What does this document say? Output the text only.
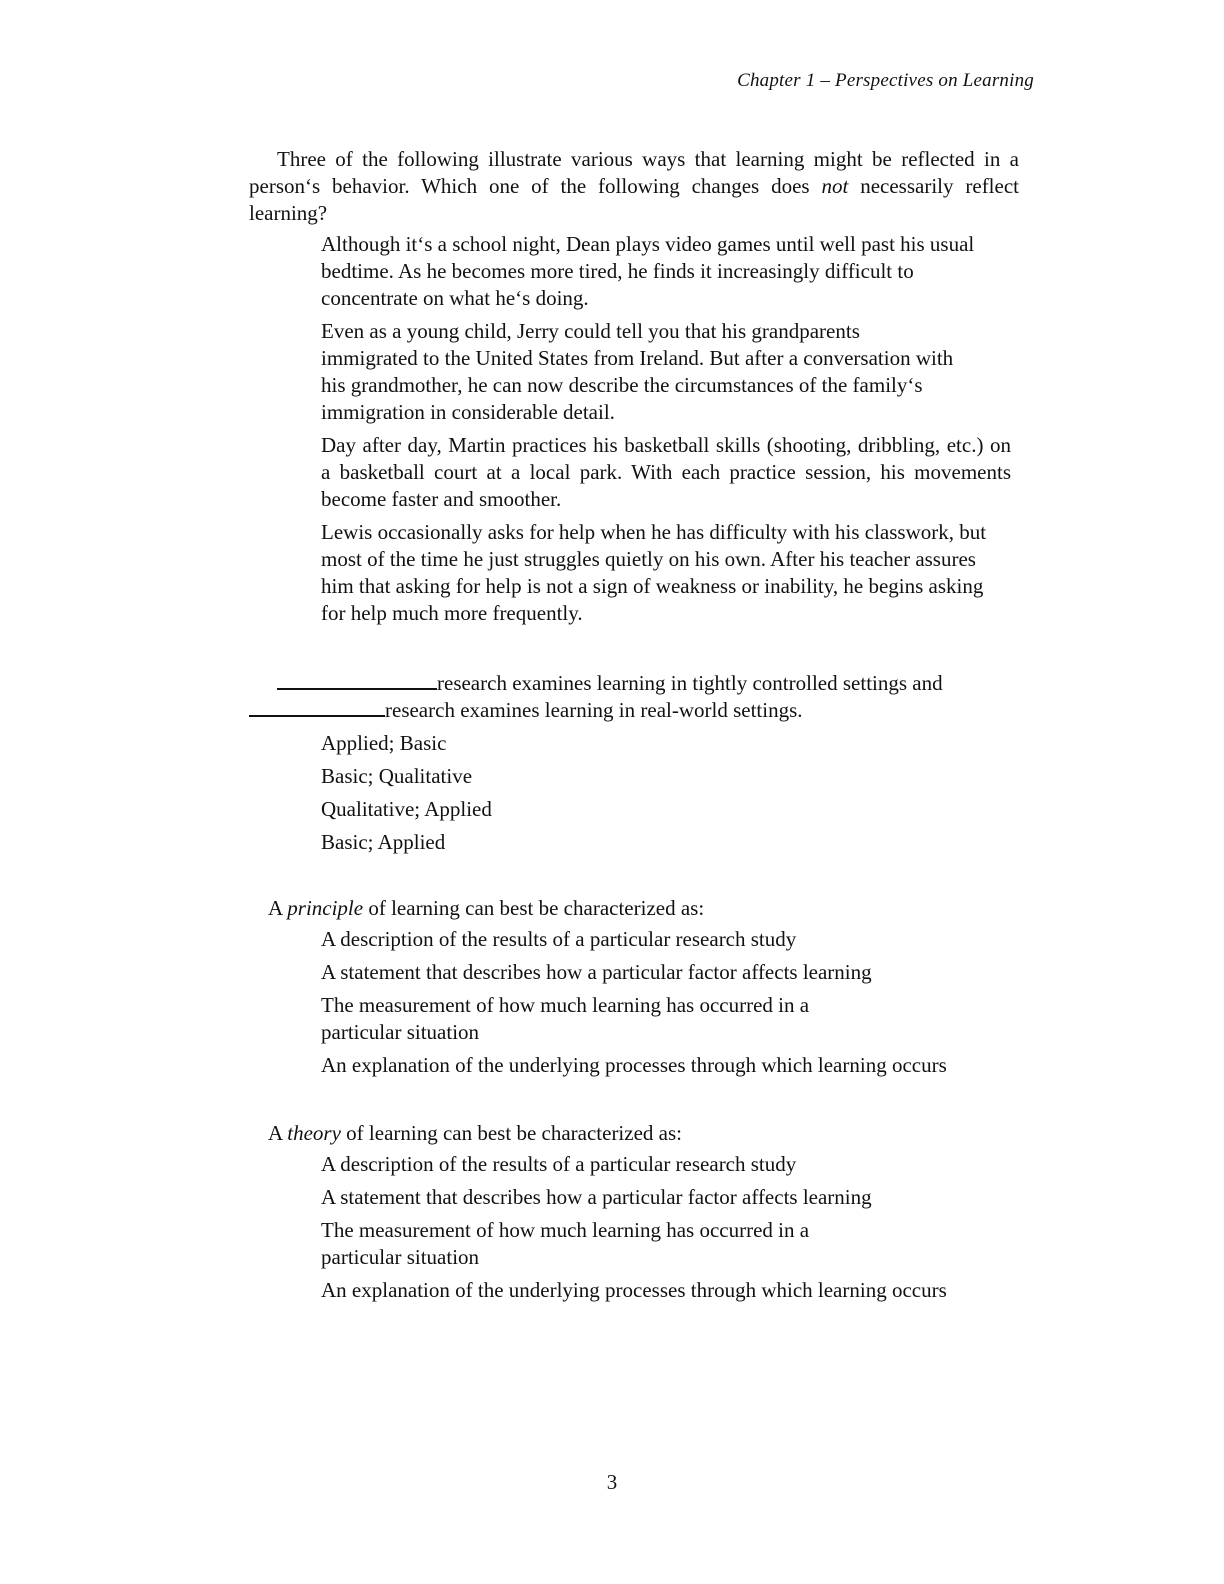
Chapter 1 – Perspectives on Learning

Three of the following illustrate various ways that learning might be reflected in a person‘s behavior. Which one of the following changes does not necessarily reflect learning?

Although it‘s a school night, Dean plays video games until well past his usual bedtime. As he becomes more tired, he finds it increasingly difficult to concentrate on what he‘s doing.
Even as a young child, Jerry could tell you that his grandparents immigrated to the United States from Ireland. But after a conversation with his grandmother, he can now describe the circumstances of the family‘s immigration in considerable detail.
Day after day, Martin practices his basketball skills (shooting, dribbling, etc.) on a basketball court at a local park. With each practice session, his movements become faster and smoother.
Lewis occasionally asks for help when he has difficulty with his classwork, but most of the time he just struggles quietly on his own. After his teacher assures him that asking for help is not a sign of weakness or inability, he begins asking for help much more frequently.

research examines learning in tightly controlled settings and
research examines learning in real-world settings.

Applied; Basic
Basic; Qualitative
Qualitative; Applied
Basic; Applied

A principle of learning can best be characterized as:

A description of the results of a particular research study
A statement that describes how a particular factor affects learning
The measurement of how much learning has occurred in a particular situation
An explanation of the underlying processes through which learning occurs

A theory of learning can best be characterized as:

A description of the results of a particular research study
A statement that describes how a particular factor affects learning
The measurement of how much learning has occurred in a particular situation
An explanation of the underlying processes through which learning occurs
3
